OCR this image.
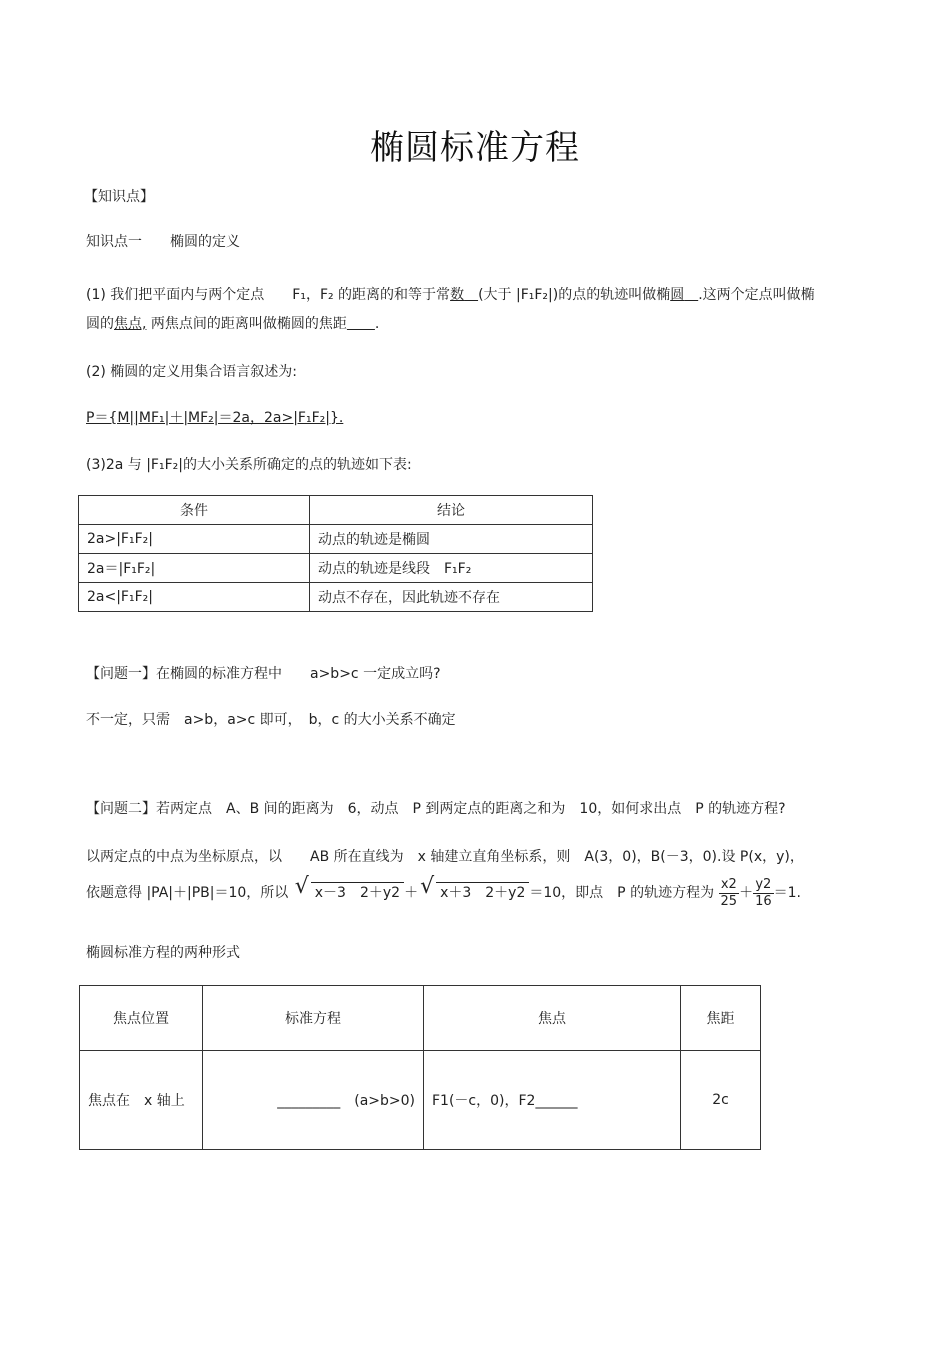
椭圆标准方程
【知识点】
知识点一　　椭圆的定义
(1) 我们把平面内与两个定点　　 F₁，F₂ 的距离的和等于常数　 (大于 |F₁F₂|)的点的轨迹叫做椭圆　 .这两个定点叫做椭
圆的焦点, 两焦点间的距离叫做椭圆的焦距　　 .
(2) 椭圆的定义用集合语言叙述为:
P＝{M||MF₁|＋|MF₂|＝2a，2a>|F₁F₂|}.
(3)2a 与 |F₁F₂|的大小关系所确定的点的轨迹如下表:
条件	结论
2a>|F₁F₂|	动点的轨迹是椭圆
2a＝|F₁F₂|	动点的轨迹是线段　F₁F₂
2a<|F₁F₂|	动点不存在，因此轨迹不存在
【问题一】在椭圆的标准方程中　　a>b>c 一定成立吗?
不一定，只需　a>b，a>c 即可，　b，c 的大小关系不确定
【问题二】若两定点　A、B 间的距离为　6，动点　P 到两定点的距离之和为　10，如何求出点　P 的轨迹方程?
以两定点的中点为坐标原点，以　　AB 所在直线为　x 轴建立直角坐标系，则　A(3，0)，B(－3，0).设 P(x，y)，
依题意得 |PA|＋|PB|＝10，所以 √ x－3　2＋y2 ＋ √ x＋3　2＋y2 ＝10，即点　P 的轨迹方程为 $\frac{x2}{25} + \frac{y2}{16} =1$.
椭圆标准方程的两种形式
焦点位置	标准方程	焦点	焦距
焦点在　x 轴上	_________　(a>b>0)	F1(－c，0)，F2______	2c
